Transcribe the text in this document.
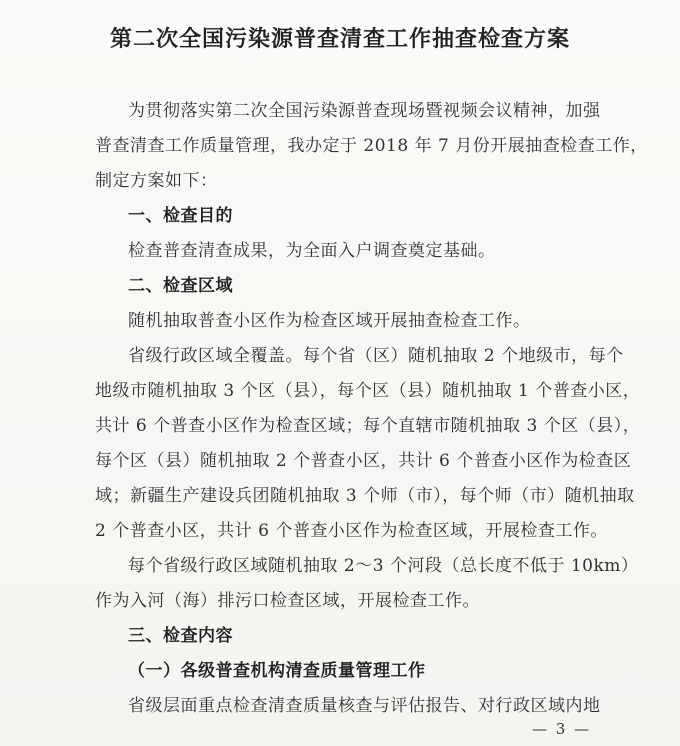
第二次全国污染源普查清查工作抽查检查方案
为贯彻落实第二次全国污染源普查现场暨视频会议精神，加强
普查清查工作质量管理，我办定于 2018 年 7 月份开展抽查检查工作，
制定方案如下：
一、检查目的
检查普查清查成果，为全面入户调查奠定基础。
二、检查区域
随机抽取普查小区作为检查区域开展抽查检查工作。
省级行政区域全覆盖。每个省（区）随机抽取 2 个地级市，每个
地级市随机抽取 3 个区（县），每个区（县）随机抽取 1 个普查小区，
共计 6 个普查小区作为检查区域；每个直辖市随机抽取 3 个区（县），
每个区（县）随机抽取 2 个普查小区，共计 6 个普查小区作为检查区
域；新疆生产建设兵团随机抽取 3 个师（市），每个师（市）随机抽取
2 个普查小区，共计 6 个普查小区作为检查区域，开展检查工作。
每个省级行政区域随机抽取 2～3 个河段（总长度不低于 10km）
作为入河（海）排污口检查区域，开展检查工作。
三、检查内容
（一）各级普查机构清查质量管理工作
省级层面重点检查清查质量核查与评估报告、对行政区域内地
— 3 —
